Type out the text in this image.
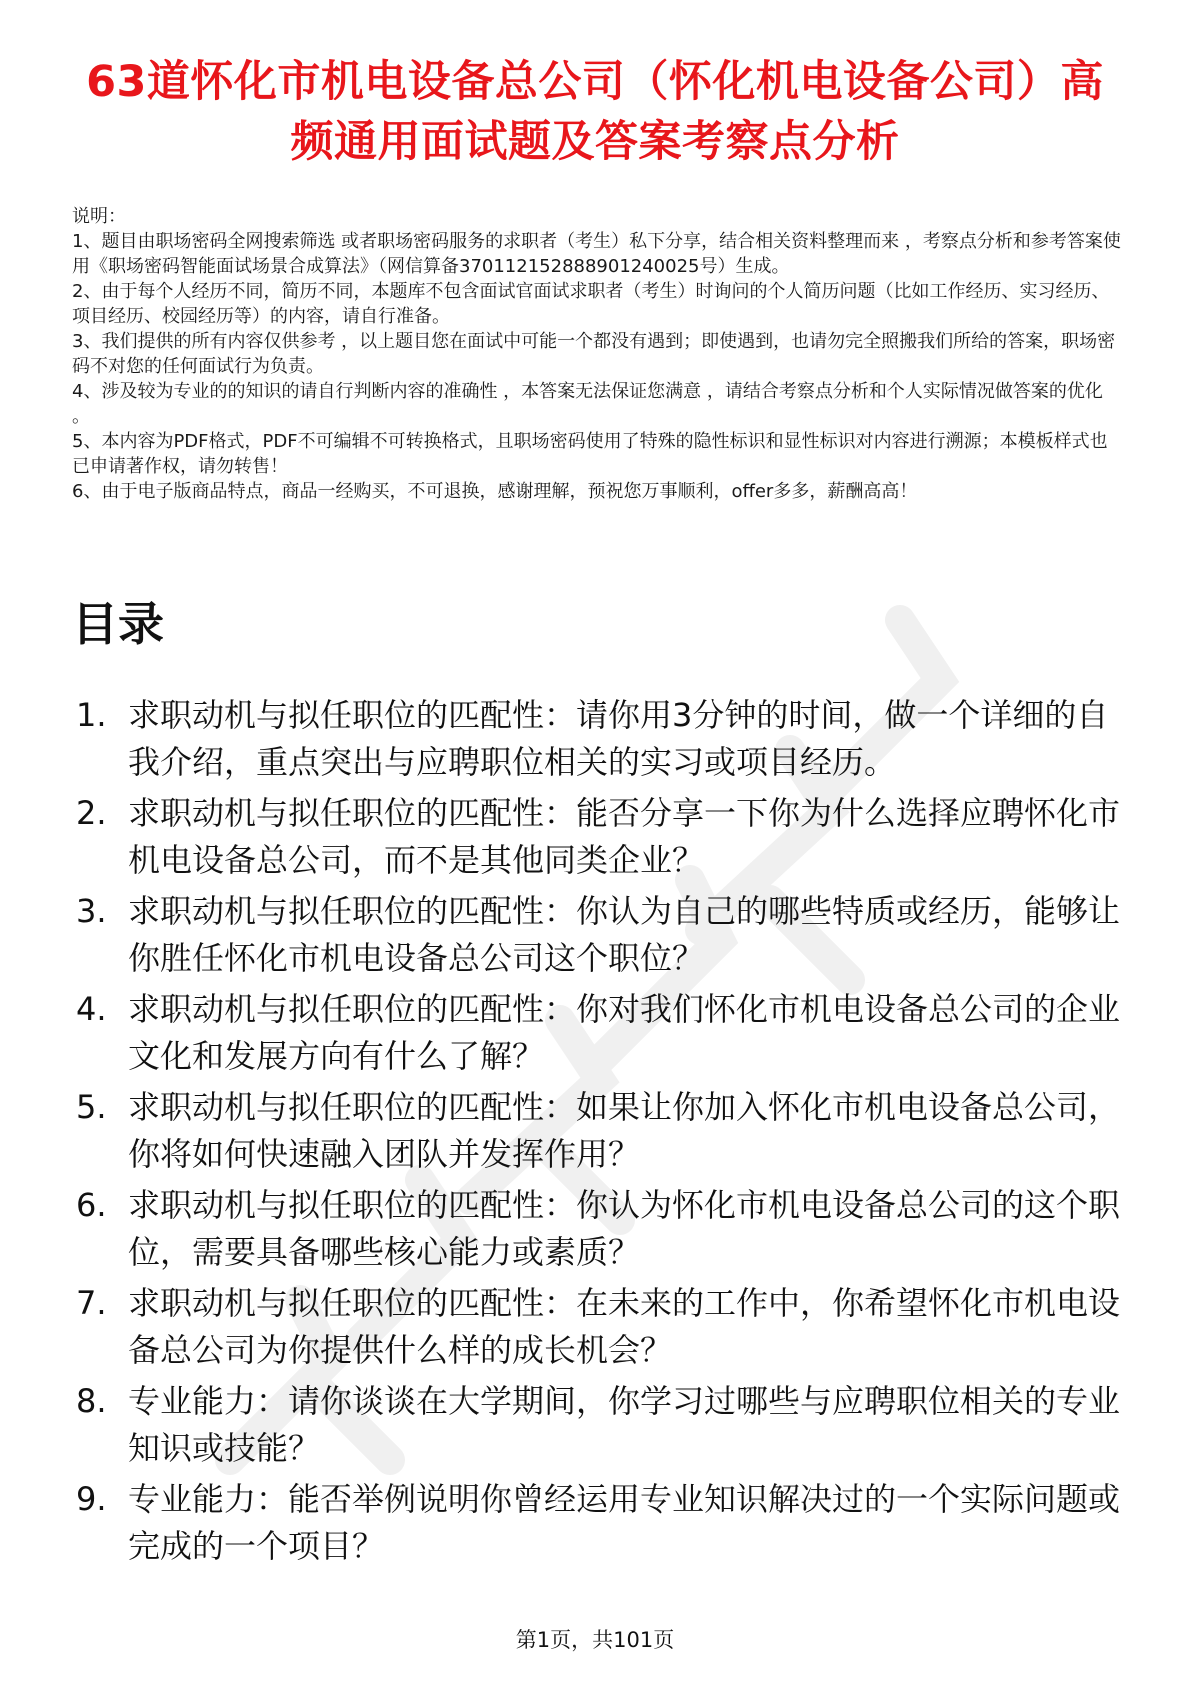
63道怀化市机电设备总公司（怀化机电设备公司）高频通用面试题及答案考察点分析

说明：

1、题目由职场密码全网搜索筛选 或者职场密码服务的求职者（考生）私下分享，结合相关资料整理而来 ，考察点分析和参考答案使用《职场密码智能面试场景合成算法》（网信算备370112152888901240025号）生成。

2、由于每个人经历不同，简历不同，本题库不包含面试官面试求职者（考生）时询问的个人简历问题（比如工作经历、实习经历、项目经历、校园经历等）的内容，请自行准备。

3、我们提供的所有内容仅供参考 ，以上题目您在面试中可能一个都没有遇到；即使遇到，也请勿完全照搬我们所给的答案，职场密码不对您的任何面试行为负责。

4、涉及较为专业的的知识的请自行判断内容的准确性 ，本答案无法保证您满意 ，请结合考察点分析和个人实际情况做答案的优化 。

5、本内容为PDF格式，PDF不可编辑不可转换格式，且职场密码使用了特殊的隐性标识和显性标识对内容进行溯源；本模板样式也已申请著作权，请勿转售！

6、由于电子版商品特点，商品一经购买，不可退换，感谢理解，预祝您万事顺利，offer多多，薪酬高高！

目录
1. 求职动机与拟任职位的匹配性：请你用3分钟的时间，做一个详细的自我介绍，重点突出与应聘职位相关的实习或项目经历。
2. 求职动机与拟任职位的匹配性：能否分享一下你为什么选择应聘怀化市机电设备总公司，而不是其他同类企业？
3. 求职动机与拟任职位的匹配性：你认为自己的哪些特质或经历，能够让你胜任怀化市机电设备总公司这个职位？
4. 求职动机与拟任职位的匹配性：你对我们怀化市机电设备总公司的企业文化和发展方向有什么了解？
5. 求职动机与拟任职位的匹配性：如果让你加入怀化市机电设备总公司，你将如何快速融入团队并发挥作用？
6. 求职动机与拟任职位的匹配性：你认为怀化市机电设备总公司的这个职位，需要具备哪些核心能力或素质？
7. 求职动机与拟任职位的匹配性：在未来的工作中，你希望怀化市机电设备总公司为你提供什么样的成长机会？
8. 专业能力：请你谈谈在大学期间，你学习过哪些与应聘职位相关的专业知识或技能？
9. 专业能力：能否举例说明你曾经运用专业知识解决过的一个实际问题或完成的一个项目？
第1页，共101页
